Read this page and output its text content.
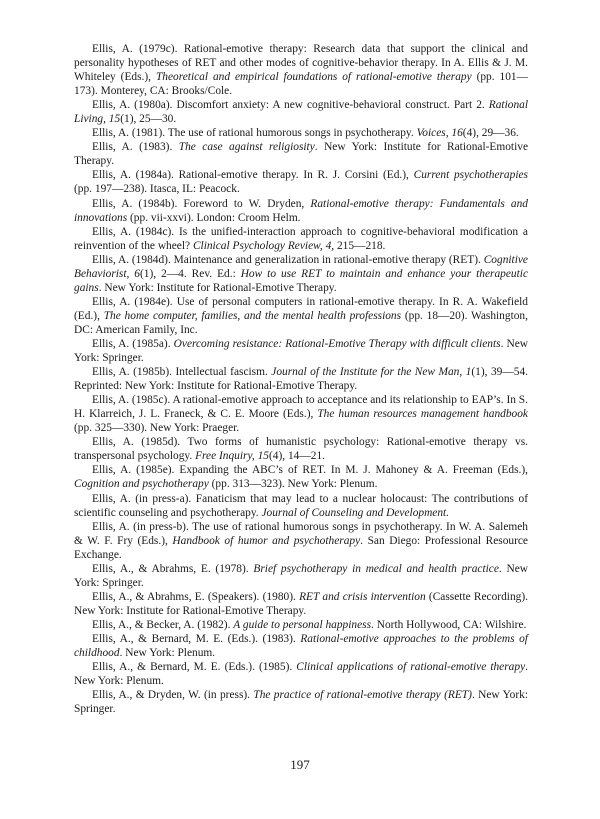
Ellis, A. (1979c). Rational-emotive therapy: Research data that support the clinical and personality hypotheses of RET and other modes of cognitive-behavior therapy. In A. Ellis & J. M. Whiteley (Eds.), Theoretical and empirical foundations of rational-emotive therapy (pp. 101—173). Monterey, CA: Brooks/Cole.

Ellis, A. (1980a). Discomfort anxiety: A new cognitive-behavioral construct. Part 2. Rational Living, 15(1), 25—30.

Ellis, A. (1981). The use of rational humorous songs in psychotherapy. Voices, 16(4), 29—36.

Ellis, A. (1983). The case against religiosity. New York: Institute for Rational-Emotive Therapy.

Ellis, A. (1984a). Rational-emotive therapy. In R. J. Corsini (Ed.), Current psychotherapies (pp. 197—238). Itasca, IL: Peacock.

Ellis, A. (1984b). Foreword to W. Dryden, Rational-emotive therapy: Fundamentals and innovations (pp. vii-xxvi). London: Croom Helm.

Ellis, A. (1984c). Is the unified-interaction approach to cognitive-behavioral modification a reinvention of the wheel? Clinical Psychology Review, 4, 215—218.

Ellis, A. (1984d). Maintenance and generalization in rational-emotive therapy (RET). Cognitive Behaviorist, 6(1), 2—4. Rev. Ed.: How to use RET to maintain and enhance your therapeutic gains. New York: Institute for Rational-Emotive Therapy.

Ellis, A. (1984e). Use of personal computers in rational-emotive therapy. In R. A. Wakefield (Ed.), The home computer, families, and the mental health professions (pp. 18—20). Washington, DC: American Family, Inc.

Ellis, A. (1985a). Overcoming resistance: Rational-Emotive Therapy with difficult clients. New York: Springer.

Ellis, A. (1985b). Intellectual fascism. Journal of the Institute for the New Man, 1(1), 39—54. Reprinted: New York: Institute for Rational-Emotive Therapy.

Ellis, A. (1985c). A rational-emotive approach to acceptance and its relationship to EAP’s. In S. H. Klarreich, J. L. Franeck, & C. E. Moore (Eds.), The human resources management handbook (pp. 325—330). New York: Praeger.

Ellis, A. (1985d). Two forms of humanistic psychology: Rational-emotive therapy vs. transpersonal psychology. Free Inquiry, 15(4), 14—21.

Ellis, A. (1985e). Expanding the ABC’s of RET. In M. J. Mahoney & A. Freeman (Eds.), Cognition and psychotherapy (pp. 313—323). New York: Plenum.

Ellis, A. (in press-a). Fanaticism that may lead to a nuclear holocaust: The contributions of scientific counseling and psychotherapy. Journal of Counseling and Development.

Ellis, A. (in press-b). The use of rational humorous songs in psychotherapy. In W. A. Salemeh & W. F. Fry (Eds.), Handbook of humor and psychotherapy. San Diego: Professional Resource Exchange.

Ellis, A., & Abrahms, E. (1978). Brief psychotherapy in medical and health practice. New York: Springer.

Ellis, A., & Abrahms, E. (Speakers). (1980). RET and crisis intervention (Cassette Recording). New York: Institute for Rational-Emotive Therapy.

Ellis, A., & Becker, A. (1982). A guide to personal happiness. North Hollywood, CA: Wilshire.

Ellis, A., & Bernard, M. E. (Eds.). (1983). Rational-emotive approaches to the problems of childhood. New York: Plenum.

Ellis, A., & Bernard, M. E. (Eds.). (1985). Clinical applications of rational-emotive therapy. New York: Plenum.

Ellis, A., & Dryden, W. (in press). The practice of rational-emotive therapy (RET). New York: Springer.

197
